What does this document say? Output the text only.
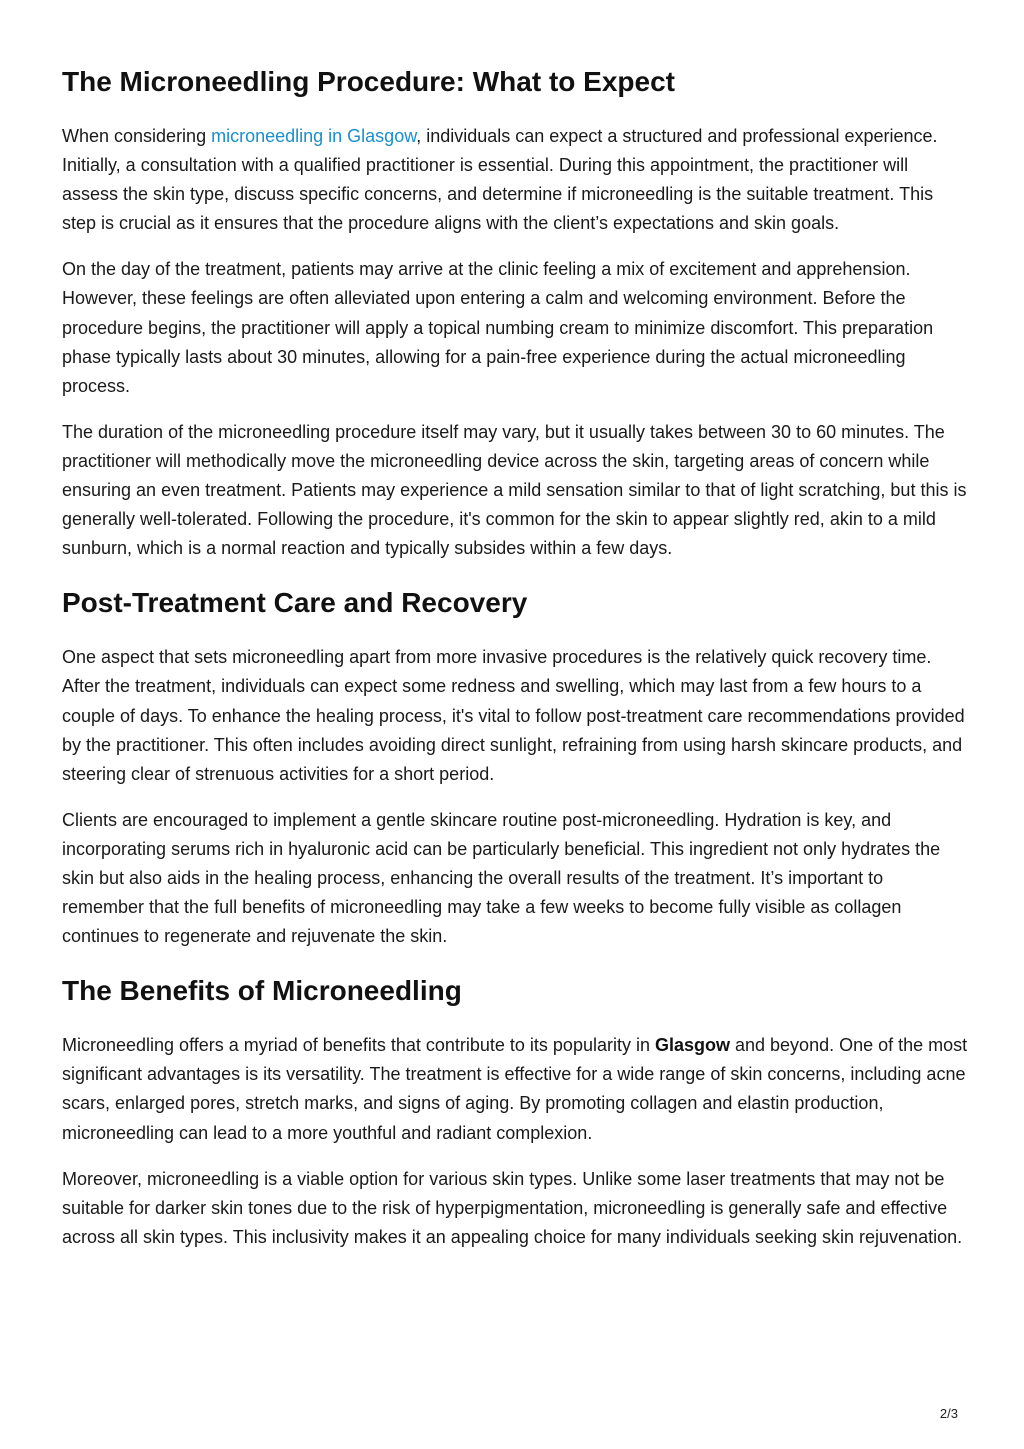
The Microneedling Procedure: What to Expect

When considering microneedling in Glasgow, individuals can expect a structured and professional experience. Initially, a consultation with a qualified practitioner is essential. During this appointment, the practitioner will assess the skin type, discuss specific concerns, and determine if microneedling is the suitable treatment. This step is crucial as it ensures that the procedure aligns with the client’s expectations and skin goals.

On the day of the treatment, patients may arrive at the clinic feeling a mix of excitement and apprehension. However, these feelings are often alleviated upon entering a calm and welcoming environment. Before the procedure begins, the practitioner will apply a topical numbing cream to minimize discomfort. This preparation phase typically lasts about 30 minutes, allowing for a pain-free experience during the actual microneedling process.

The duration of the microneedling procedure itself may vary, but it usually takes between 30 to 60 minutes. The practitioner will methodically move the microneedling device across the skin, targeting areas of concern while ensuring an even treatment. Patients may experience a mild sensation similar to that of light scratching, but this is generally well-tolerated. Following the procedure, it's common for the skin to appear slightly red, akin to a mild sunburn, which is a normal reaction and typically subsides within a few days.

Post-Treatment Care and Recovery

One aspect that sets microneedling apart from more invasive procedures is the relatively quick recovery time. After the treatment, individuals can expect some redness and swelling, which may last from a few hours to a couple of days. To enhance the healing process, it's vital to follow post-treatment care recommendations provided by the practitioner. This often includes avoiding direct sunlight, refraining from using harsh skincare products, and steering clear of strenuous activities for a short period.

Clients are encouraged to implement a gentle skincare routine post-microneedling. Hydration is key, and incorporating serums rich in hyaluronic acid can be particularly beneficial. This ingredient not only hydrates the skin but also aids in the healing process, enhancing the overall results of the treatment. It’s important to remember that the full benefits of microneedling may take a few weeks to become fully visible as collagen continues to regenerate and rejuvenate the skin.

The Benefits of Microneedling

Microneedling offers a myriad of benefits that contribute to its popularity in Glasgow and beyond. One of the most significant advantages is its versatility. The treatment is effective for a wide range of skin concerns, including acne scars, enlarged pores, stretch marks, and signs of aging. By promoting collagen and elastin production, microneedling can lead to a more youthful and radiant complexion.

Moreover, microneedling is a viable option for various skin types. Unlike some laser treatments that may not be suitable for darker skin tones due to the risk of hyperpigmentation, microneedling is generally safe and effective across all skin types. This inclusivity makes it an appealing choice for many individuals seeking skin rejuvenation.

2/3
